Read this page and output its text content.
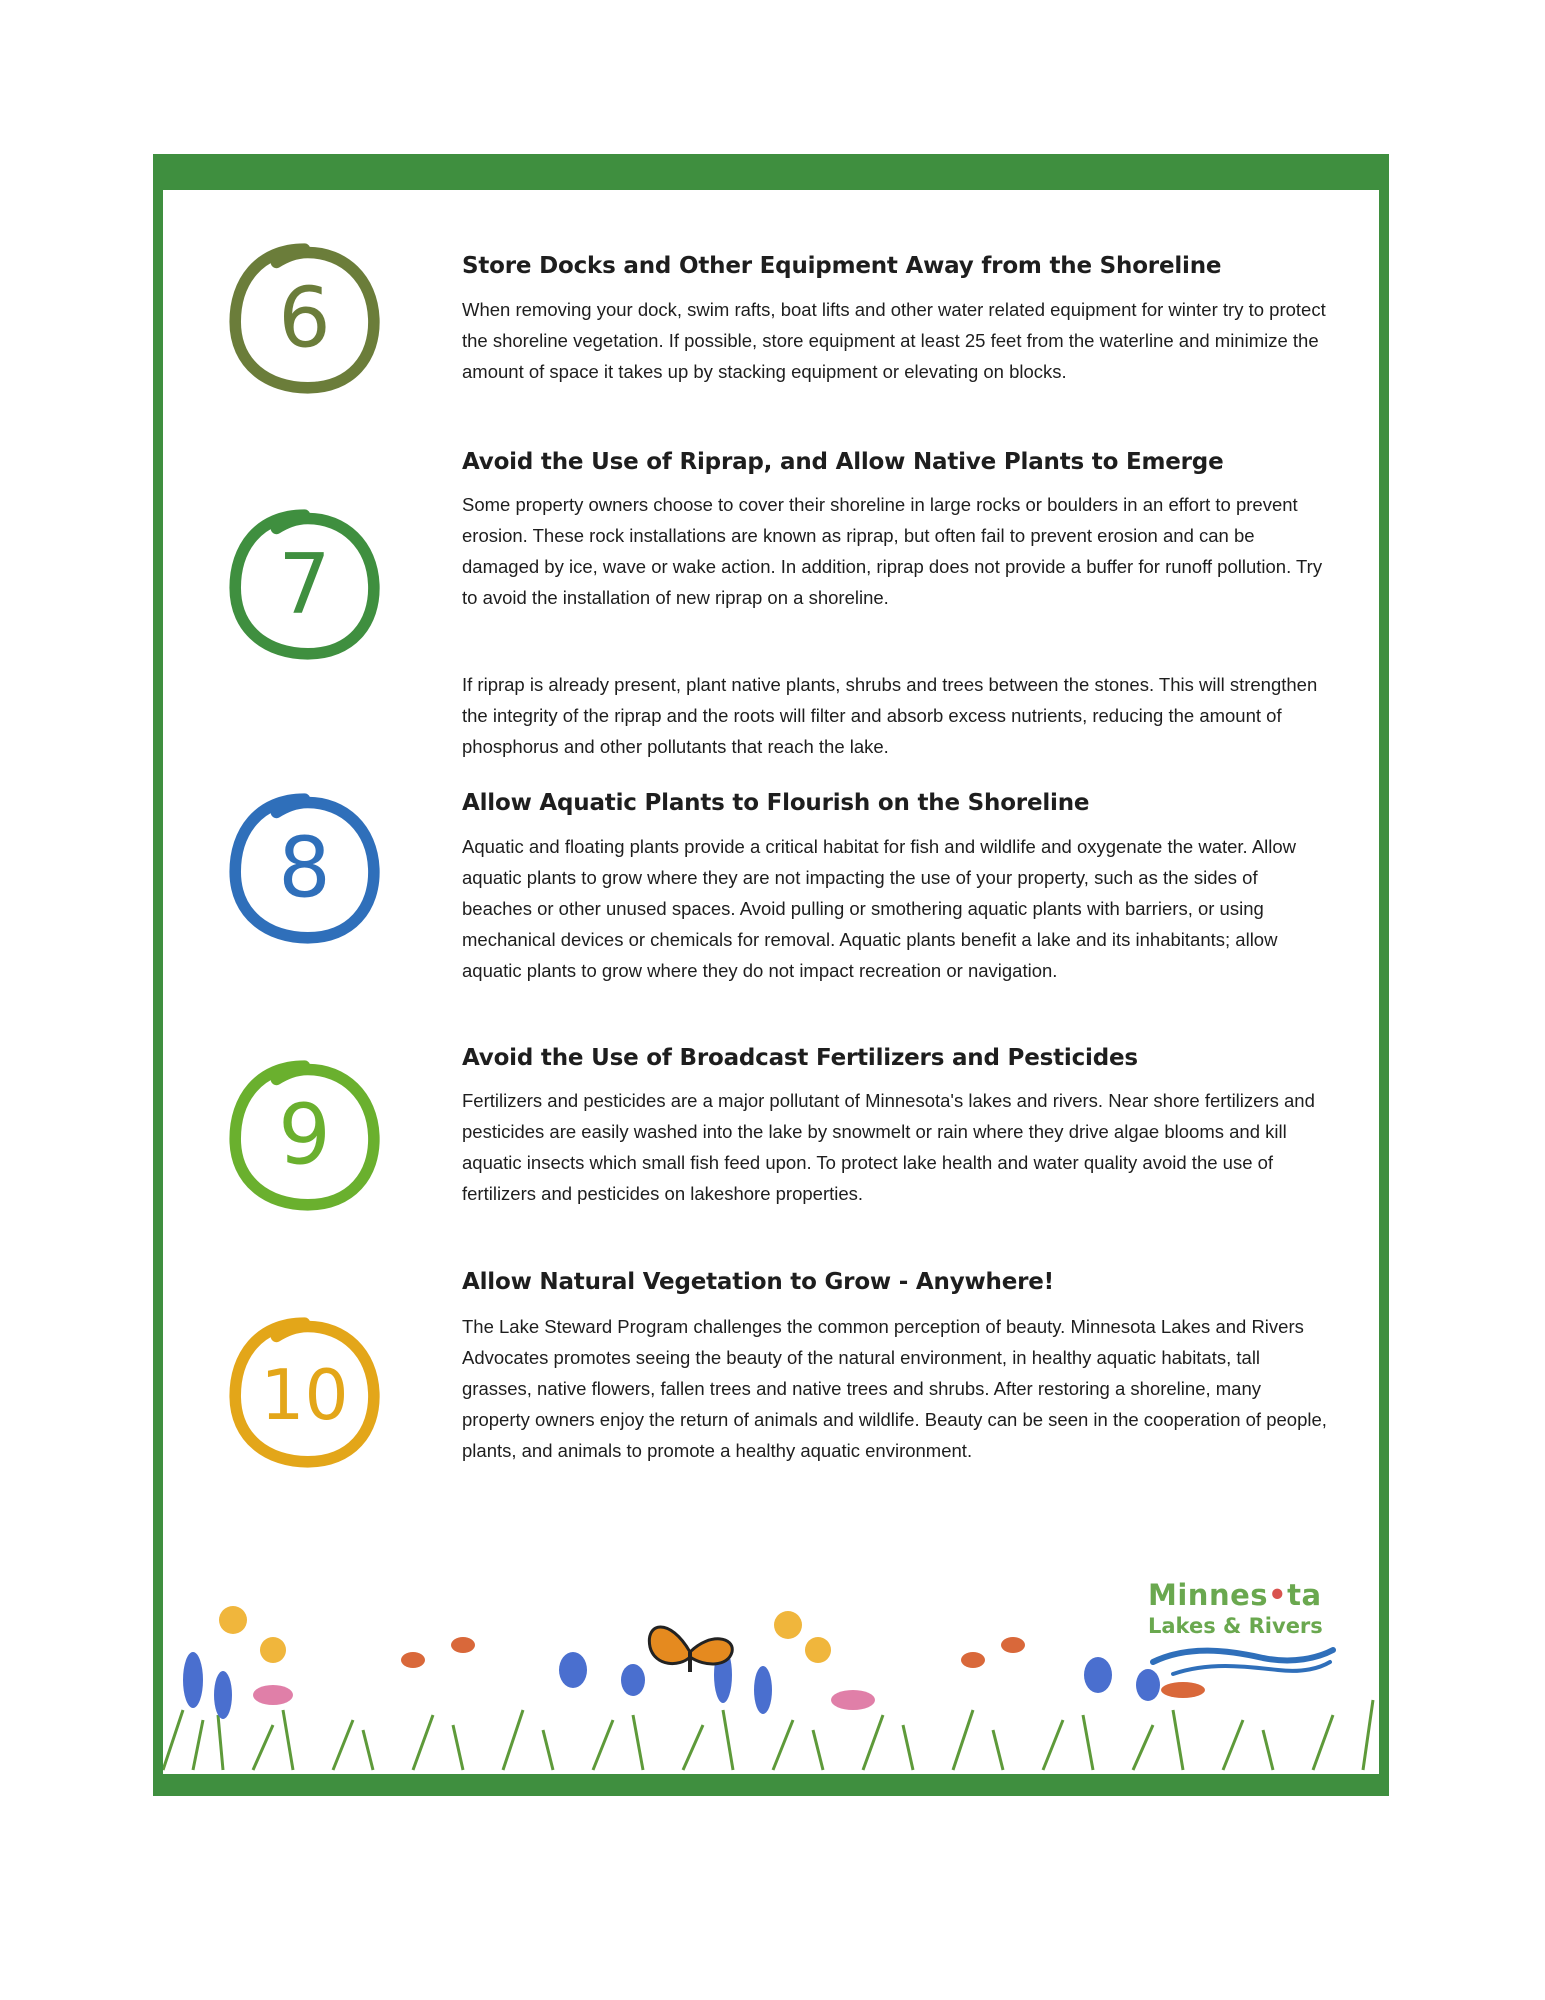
6
Store Docks and Other Equipment Away from the Shoreline

When removing your dock, swim rafts, boat lifts and other water related equipment for winter try to protect the shoreline vegetation. If possible, store equipment at least 25 feet from the waterline and minimize the amount of space it takes up by stacking equipment or elevating on blocks.

7
Avoid the Use of Riprap, and Allow Native Plants to Emerge

Some property owners choose to cover their shoreline in large rocks or boulders in an effort to prevent erosion. These rock installations are known as riprap, but often fail to prevent erosion and can be damaged by ice, wave or wake action. In addition, riprap does not provide a buffer for runoff pollution. Try to avoid the installation of new riprap on a shoreline.

If riprap is already present, plant native plants, shrubs and trees between the stones. This will strengthen the integrity of the riprap and the roots will filter and absorb excess nutrients, reducing the amount of phosphorus and other pollutants that reach the lake.

8
Allow Aquatic Plants to Flourish on the Shoreline

Aquatic and floating plants provide a critical habitat for fish and wildlife and oxygenate the water. Allow aquatic plants to grow where they are not impacting the use of your property, such as the sides of beaches or other unused spaces. Avoid pulling or smothering aquatic plants with barriers, or using mechanical devices or chemicals for removal. Aquatic plants benefit a lake and its inhabitants; allow aquatic plants to grow where they do not impact recreation or navigation.

9
Avoid the Use of Broadcast Fertilizers and Pesticides

Fertilizers and pesticides are a major pollutant of Minnesota's lakes and rivers. Near shore fertilizers and pesticides are easily washed into the lake by snowmelt or rain where they drive algae blooms and kill aquatic insects which small fish feed upon. To protect lake health and water quality avoid the use of fertilizers and pesticides on lakeshore properties.

10
Allow Natural Vegetation to Grow - Anywhere!

The Lake Steward Program challenges the common perception of beauty. Minnesota Lakes and Rivers Advocates promotes seeing the beauty of the natural environment, in healthy aquatic habitats, tall grasses, native flowers, fallen trees and native trees and shrubs. After restoring a shoreline, many property owners enjoy the return of animals and wildlife. Beauty can be seen in the cooperation of people, plants, and animals to promote a healthy aquatic environment.

Minnes•ta
Lakes & Rivers
